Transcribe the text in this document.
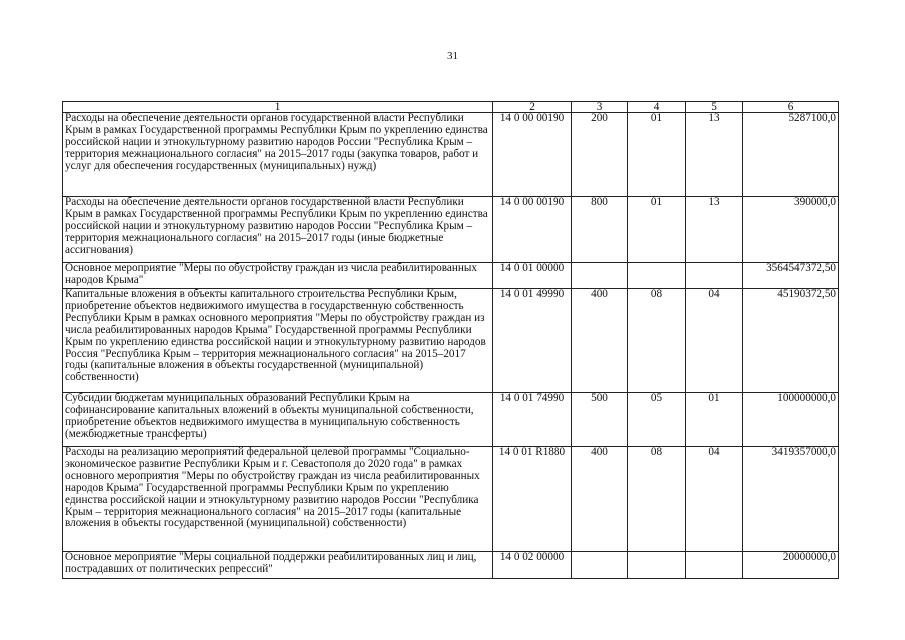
31
1	2	3	4	5	6
Расходы на обеспечение деятельности органов государственной власти Республики Крым в рамках Государственной программы Республики Крым по укреплению единства российской нации и этнокультурному развитию народов России "Республика Крым – территория межнационального согласия" на 2015–2017 годы (закупка товаров, работ и услуг для обеспечения государственных (муниципальных) нужд)	14 0 00 00190	200	01	13	5287100,0
Расходы на обеспечение деятельности органов государственной власти Республики Крым в рамках Государственной программы Республики Крым по укреплению единства российской нации и этнокультурному развитию народов России "Республика Крым – территория межнационального согласия" на 2015–2017 годы (иные бюджетные ассигнования)	14 0 00 00190	800	01	13	390000,0
Основное мероприятие "Меры по обустройству граждан из числа реабилитированных народов Крыма"	14 0 01 00000				3564547372,50
Капитальные вложения в объекты капитального строительства Республики Крым, приобретение объектов недвижимого имущества в государственную собственность Республики Крым в рамках основного мероприятия "Меры по обустройству граждан из числа реабилитированных народов Крыма" Государственной программы Республики Крым по укреплению единства российской нации и этнокультурному развитию народов Россия "Республика Крым – территория межнационального согласия" на 2015–2017 годы (капитальные вложения в объекты государственной (муниципальной) собственности)	14 0 01 49990	400	08	04	45190372,50
Субсидии бюджетам муниципальных образований Республики Крым на софинансирование капитальных вложений в объекты муниципальной собственности, приобретение объектов недвижимого имущества в муниципальную собственность (межбюджетные трансферты)	14 0 01 74990	500	05	01	100000000,0
Расходы на реализацию мероприятий федеральной целевой программы "Социально-экономическое развитие Республики Крым и г. Севастополя до 2020 года" в рамках основного мероприятия "Меры по обустройству граждан из числа реабилитированных народов Крыма" Государственной программы Республики Крым по укреплению единства российской нации и этнокультурному развитию народов России "Республика Крым – территория межнационального согласия" на 2015–2017 годы (капитальные вложения в объекты государственной (муниципальной) собственности)	14 0 01 R1880	400	08	04	3419357000,0
Основное мероприятие "Меры социальной поддержки реабилитированных лиц и лиц, пострадавших от политических репрессий"	14 0 02 00000				20000000,0
